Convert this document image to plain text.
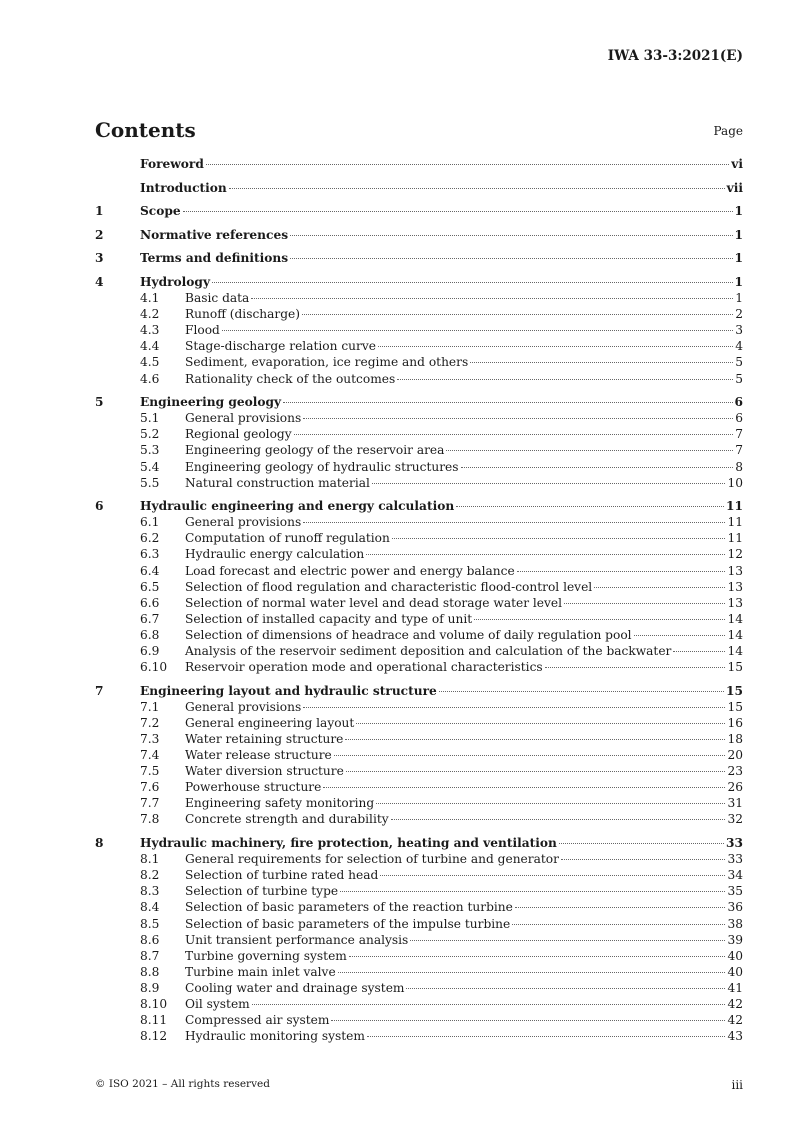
IWA 33-3:2021(E)
Contents	Page
Foreword	vi
Introduction	vii
1	Scope	1
2	Normative references	1
3	Terms and definitions	1
4	Hydrology	1
4.1	Basic data	1
4.2	Runoff (discharge)	2
4.3	Flood	3
4.4	Stage-discharge relation curve	4
4.5	Sediment, evaporation, ice regime and others	5
4.6	Rationality check of the outcomes	5
5	Engineering geology	6
5.1	General provisions	6
5.2	Regional geology	7
5.3	Engineering geology of the reservoir area	7
5.4	Engineering geology of hydraulic structures	8
5.5	Natural construction material	10
6	Hydraulic engineering and energy calculation	11
6.1	General provisions	11
6.2	Computation of runoff regulation	11
6.3	Hydraulic energy calculation	12
6.4	Load forecast and electric power and energy balance	13
6.5	Selection of flood regulation and characteristic flood-control level	13
6.6	Selection of normal water level and dead storage water level	13
6.7	Selection of installed capacity and type of unit	14
6.8	Selection of dimensions of headrace and volume of daily regulation pool	14
6.9	Analysis of the reservoir sediment deposition and calculation of the backwater	14
6.10	Reservoir operation mode and operational characteristics	15
7	Engineering layout and hydraulic structure	15
7.1	General provisions	15
7.2	General engineering layout	16
7.3	Water retaining structure	18
7.4	Water release structure	20
7.5	Water diversion structure	23
7.6	Powerhouse structure	26
7.7	Engineering safety monitoring	31
7.8	Concrete strength and durability	32
8	Hydraulic machinery, fire protection, heating and ventilation	33
8.1	General requirements for selection of turbine and generator	33
8.2	Selection of turbine rated head	34
8.3	Selection of turbine type	35
8.4	Selection of basic parameters of the reaction turbine	36
8.5	Selection of basic parameters of the impulse turbine	38
8.6	Unit transient performance analysis	39
8.7	Turbine governing system	40
8.8	Turbine main inlet valve	40
8.9	Cooling water and drainage system	41
8.10	Oil system	42
8.11	Compressed air system	42
8.12	Hydraulic monitoring system	43
© ISO 2021 – All rights reserved	iii
